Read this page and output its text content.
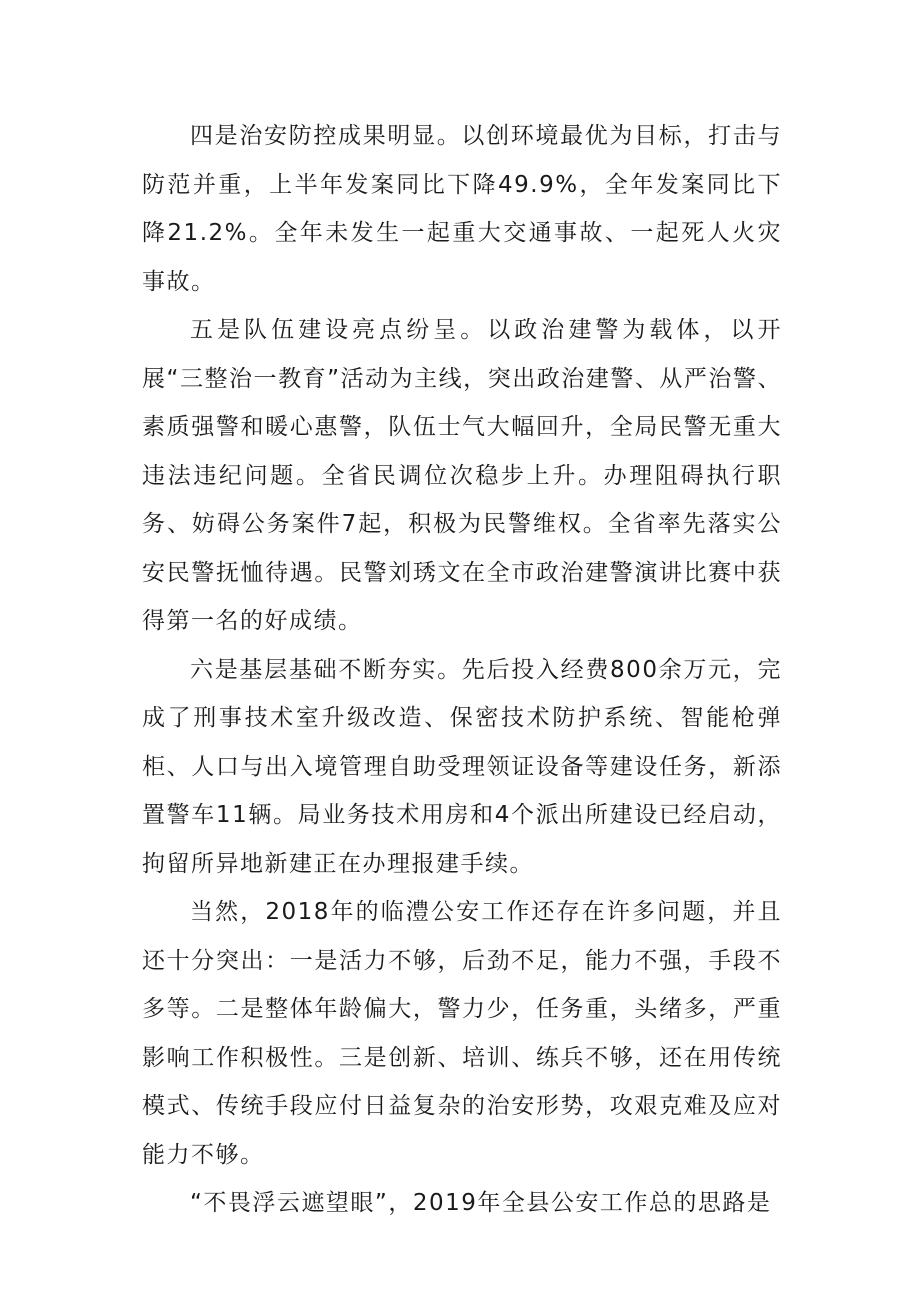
四是治安防控成果明显。以创环境最优为目标，打击与防范并重，上半年发案同比下降49.9%，全年发案同比下降21.2%。全年未发生一起重大交通事故、一起死人火灾事故。

五是队伍建设亮点纷呈。以政治建警为载体，以开展“三整治一教育”活动为主线，突出政治建警、从严治警、素质强警和暖心惠警，队伍士气大幅回升，全局民警无重大违法违纪问题。全省民调位次稳步上升。办理阻碍执行职务、妨碍公务案件7起，积极为民警维权。全省率先落实公安民警抚恤待遇。民警刘琇文在全市政治建警演讲比赛中获得第一名的好成绩。

六是基层基础不断夯实。先后投入经费800余万元，完成了刑事技术室升级改造、保密技术防护系统、智能枪弹柜、人口与出入境管理自助受理领证设备等建设任务，新添置警车11辆。局业务技术用房和4个派出所建设已经启动，拘留所异地新建正在办理报建手续。

当然，2018年的临澧公安工作还存在许多问题，并且还十分突出：一是活力不够，后劲不足，能力不强，手段不多等。二是整体年龄偏大，警力少，任务重，头绪多，严重影响工作积极性。三是创新、培训、练兵不够，还在用传统模式、传统手段应付日益复杂的治安形势，攻艰克难及应对能力不够。

“不畏浮云遮望眼”，2019年全县公安工作总的思路是
